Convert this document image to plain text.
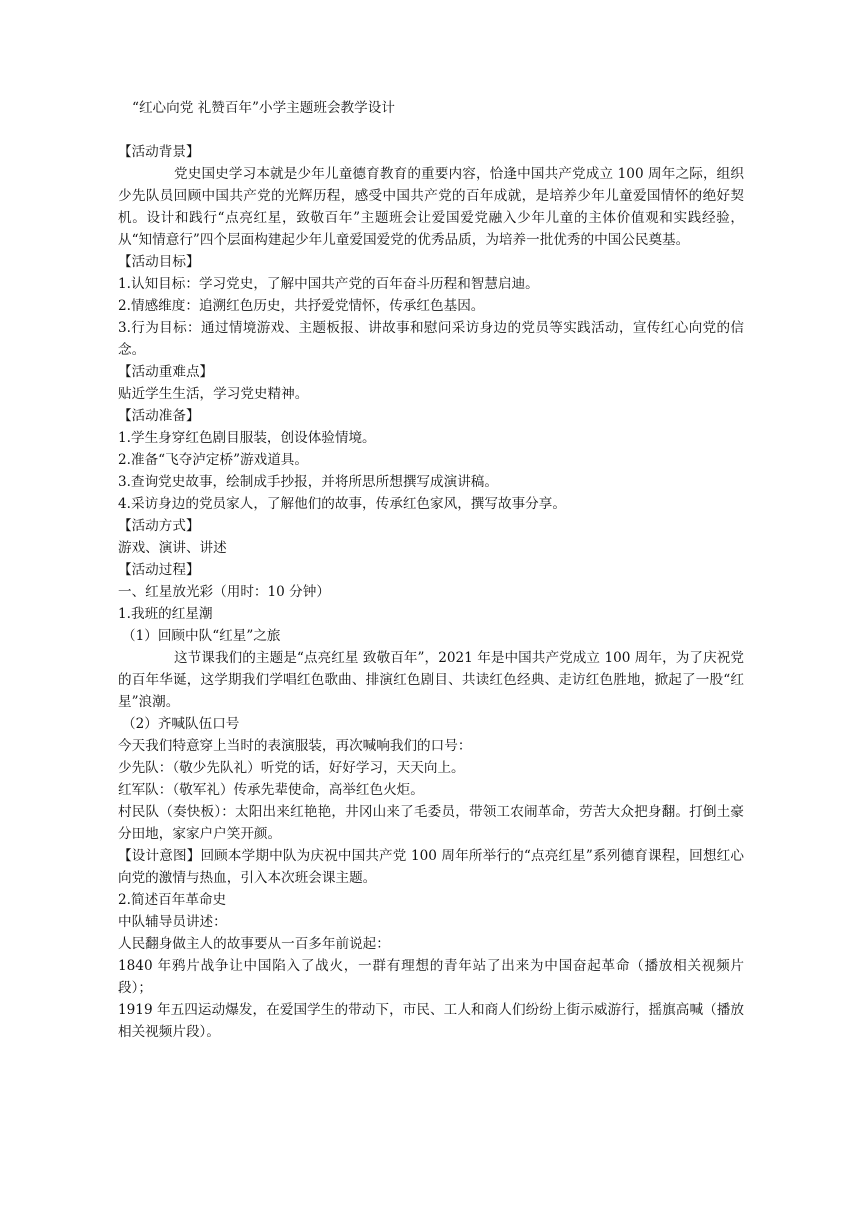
“红心向党 礼赞百年”小学主题班会教学设计

【活动背景】

党史国史学习本就是少年儿童德育教育的重要内容，恰逢中国共产党成立 100 周年之际，组织少先队员回顾中国共产党的光辉历程，感受中国共产党的百年成就，是培养少年儿童爱国情怀的绝好契机。设计和践行“点亮红星，致敬百年”主题班会让爱国爱党融入少年儿童的主体价值观和实践经验，从“知情意行”四个层面构建起少年儿童爱国爱党的优秀品质，为培养一批优秀的中国公民奠基。

【活动目标】

1.认知目标：学习党史，了解中国共产党的百年奋斗历程和智慧启迪。

2.情感维度：追溯红色历史，共抒爱党情怀，传承红色基因。

3.行为目标：通过情境游戏、主题板报、讲故事和慰问采访身边的党员等实践活动，宣传红心向党的信念。

【活动重难点】

贴近学生生活，学习党史精神。

【活动准备】

1.学生身穿红色剧目服装，创设体验情境。

2.准备“飞夺泸定桥”游戏道具。

3.查询党史故事，绘制成手抄报，并将所思所想撰写成演讲稿。

4.采访身边的党员家人，了解他们的故事，传承红色家风，撰写故事分享。

【活动方式】

游戏、演讲、讲述

【活动过程】

一、红星放光彩（用时：10 分钟）

1.我班的红星潮

（1）回顾中队“红星”之旅

这节课我们的主题是“点亮红星 致敬百年”，2021 年是中国共产党成立 100 周年，为了庆祝党的百年华诞，这学期我们学唱红色歌曲、排演红色剧目、共读红色经典、走访红色胜地，掀起了一股“红星”浪潮。

（2）齐喊队伍口号

今天我们特意穿上当时的表演服装，再次喊响我们的口号：

少先队：（敬少先队礼）听党的话，好好学习，天天向上。

红军队：（敬军礼）传承先辈使命，高举红色火炬。

村民队（奏快板）：太阳出来红艳艳，井冈山来了毛委员，带领工农闹革命，劳苦大众把身翻。打倒土豪分田地，家家户户笑开颜。

【设计意图】回顾本学期中队为庆祝中国共产党 100 周年所举行的“点亮红星”系列德育课程，回想红心向党的激情与热血，引入本次班会课主题。

2.简述百年革命史

中队辅导员讲述：

人民翻身做主人的故事要从一百多年前说起：

1840 年鸦片战争让中国陷入了战火，一群有理想的青年站了出来为中国奋起革命（播放相关视频片段）；

1919 年五四运动爆发，在爱国学生的带动下，市民、工人和商人们纷纷上街示威游行，摇旗高喊（播放相关视频片段）。
